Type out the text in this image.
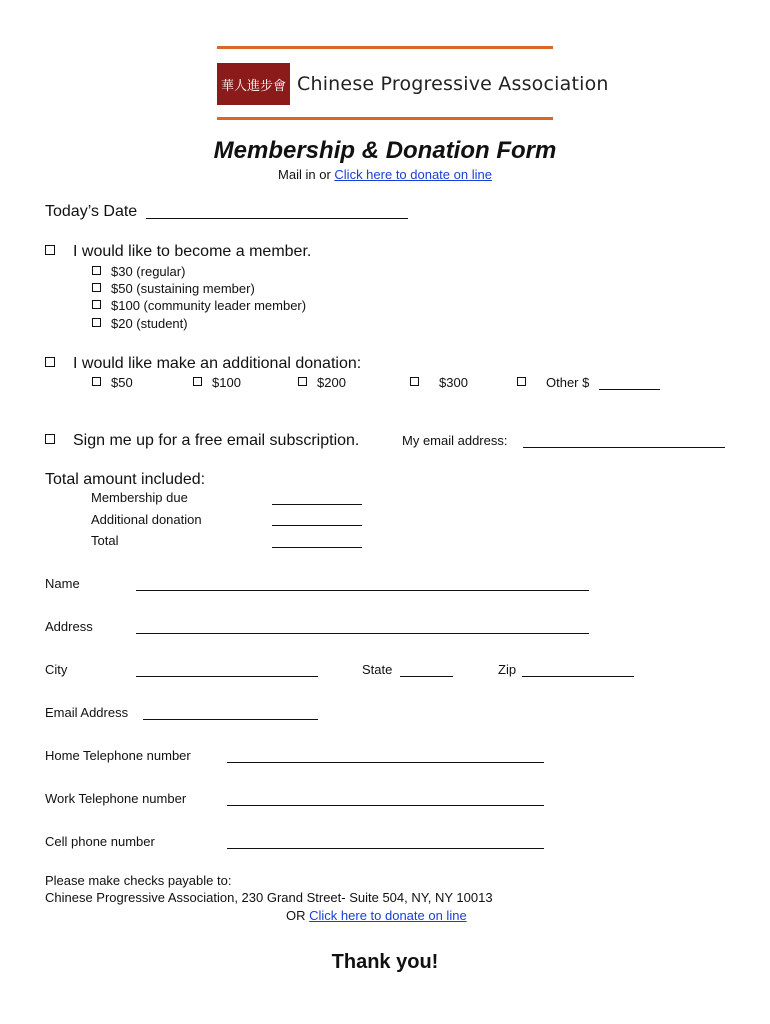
華人進步會 Chinese Progressive Association
Membership & Donation Form
Mail in or Click here to donate on line
Today’s Date
I would like to become a member.
$30 (regular)
$50 (sustaining member)
$100 (community leader member)
$20 (student)
I would like make an additional donation:
$50	$100	$200	$300	Other $
Sign me up for a free email subscription.	My email address:
Total amount included:
Membership due
Additional donation
Total
Name
Address
City	State	Zip
Email Address
Home Telephone number
Work Telephone number
Cell phone number
Please make checks payable to:
Chinese Progressive Association, 230 Grand Street- Suite 504, NY, NY 10013
OR Click here to donate on line
Thank you!
